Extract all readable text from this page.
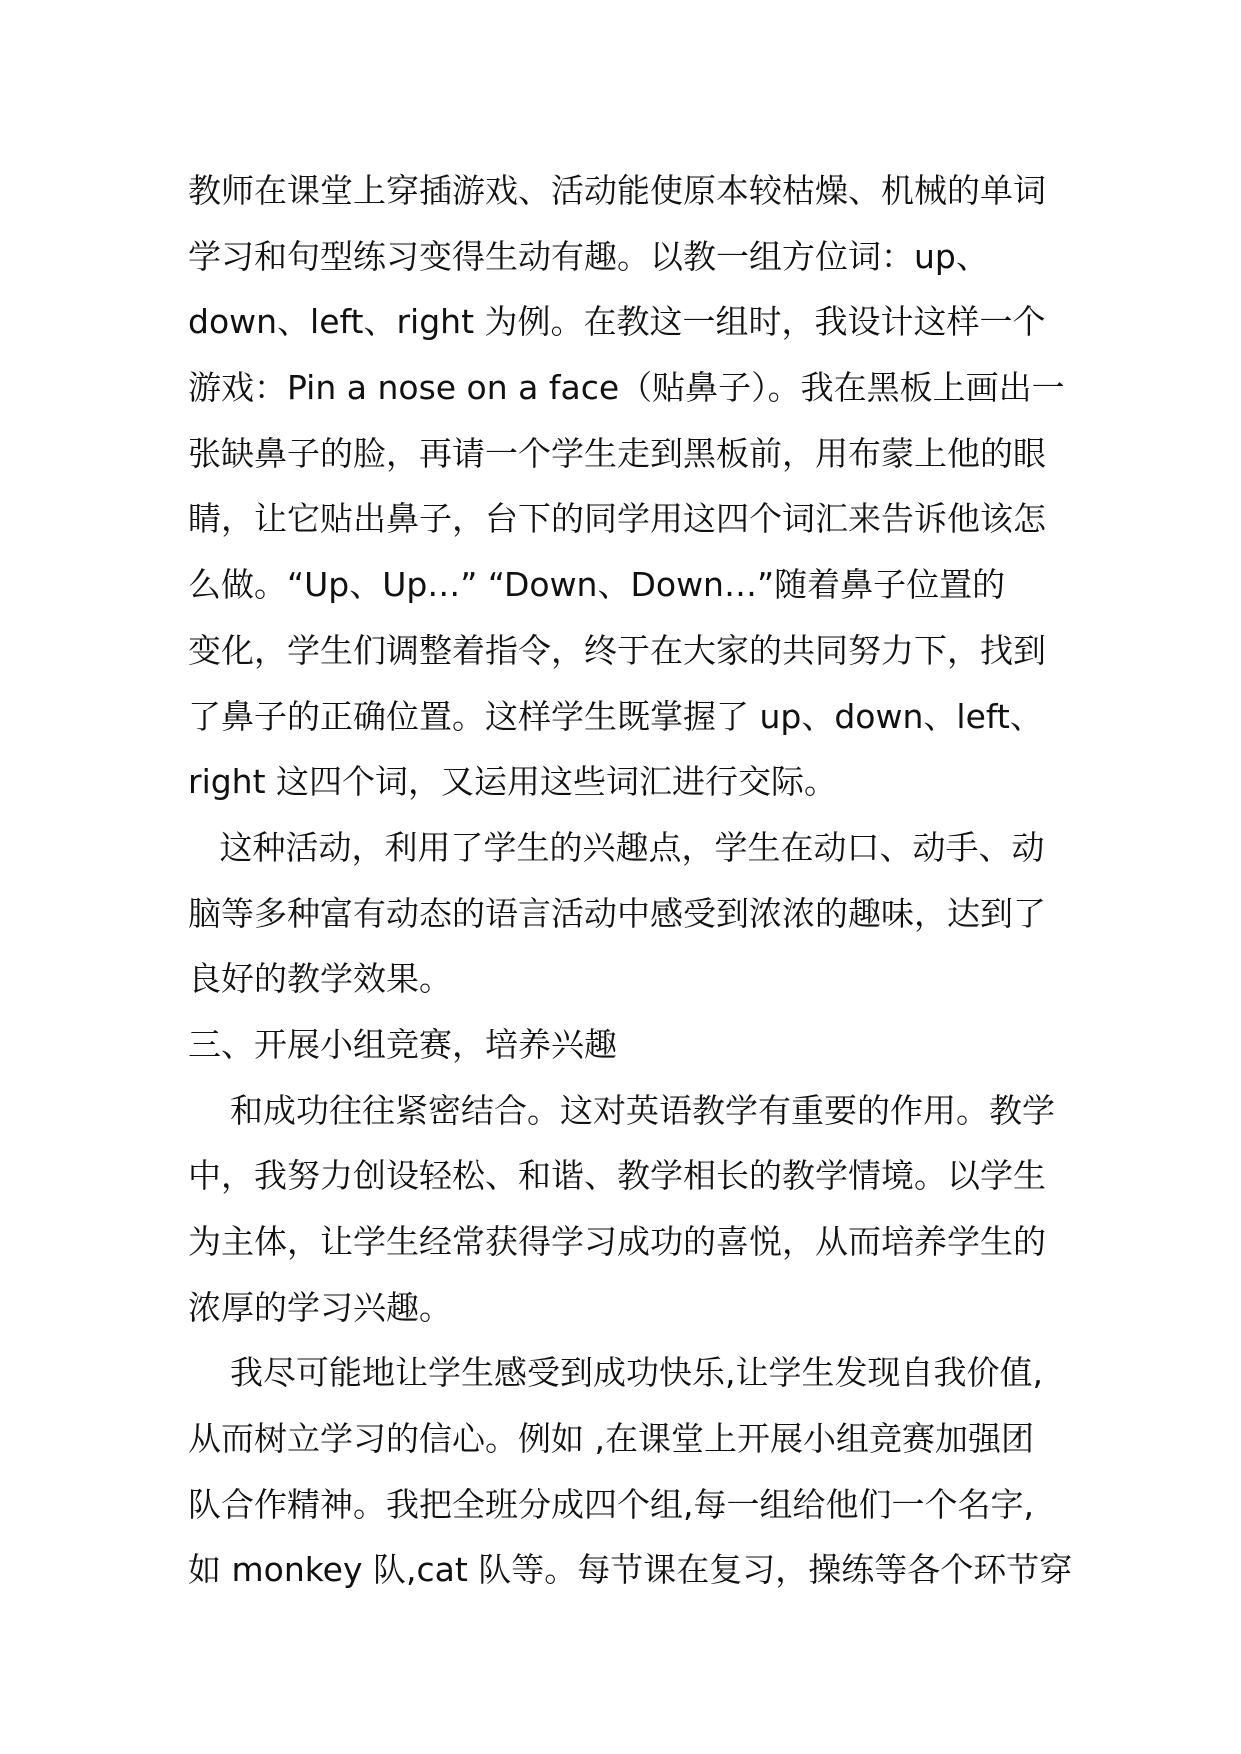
教师在课堂上穿插游戏、活动能使原本较枯燥、机械的单词
学习和句型练习变得生动有趣。以教一组方位词：up、
down、left、right 为例。在教这一组时，我设计这样一个
游戏：Pin a nose on a face（贴鼻子）。我在黑板上画出一
张缺鼻子的脸，再请一个学生走到黑板前，用布蒙上他的眼
睛，让它贴出鼻子，台下的同学用这四个词汇来告诉他该怎
么做。“Up、Up…” “Down、Down…”随着鼻子位置的
变化，学生们调整着指令，终于在大家的共同努力下，找到
了鼻子的正确位置。这样学生既掌握了 up、down、left、
right 这四个词，又运用这些词汇进行交际。
这种活动，利用了学生的兴趣点，学生在动口、动手、动
脑等多种富有动态的语言活动中感受到浓浓的趣味，达到了
良好的教学效果。
三、开展小组竞赛，培养兴趣
和成功往往紧密结合。这对英语教学有重要的作用。教学
中，我努力创设轻松、和谐、教学相长的教学情境。以学生
为主体，让学生经常获得学习成功的喜悦，从而培养学生的
浓厚的学习兴趣。
我尽可能地让学生感受到成功快乐,让学生发现自我价值,
从而树立学习的信心。例如 ,在课堂上开展小组竞赛加强团
队合作精神。我把全班分成四个组,每一组给他们一个名字,
如 monkey 队,cat 队等。每节课在复习，操练等各个环节穿
